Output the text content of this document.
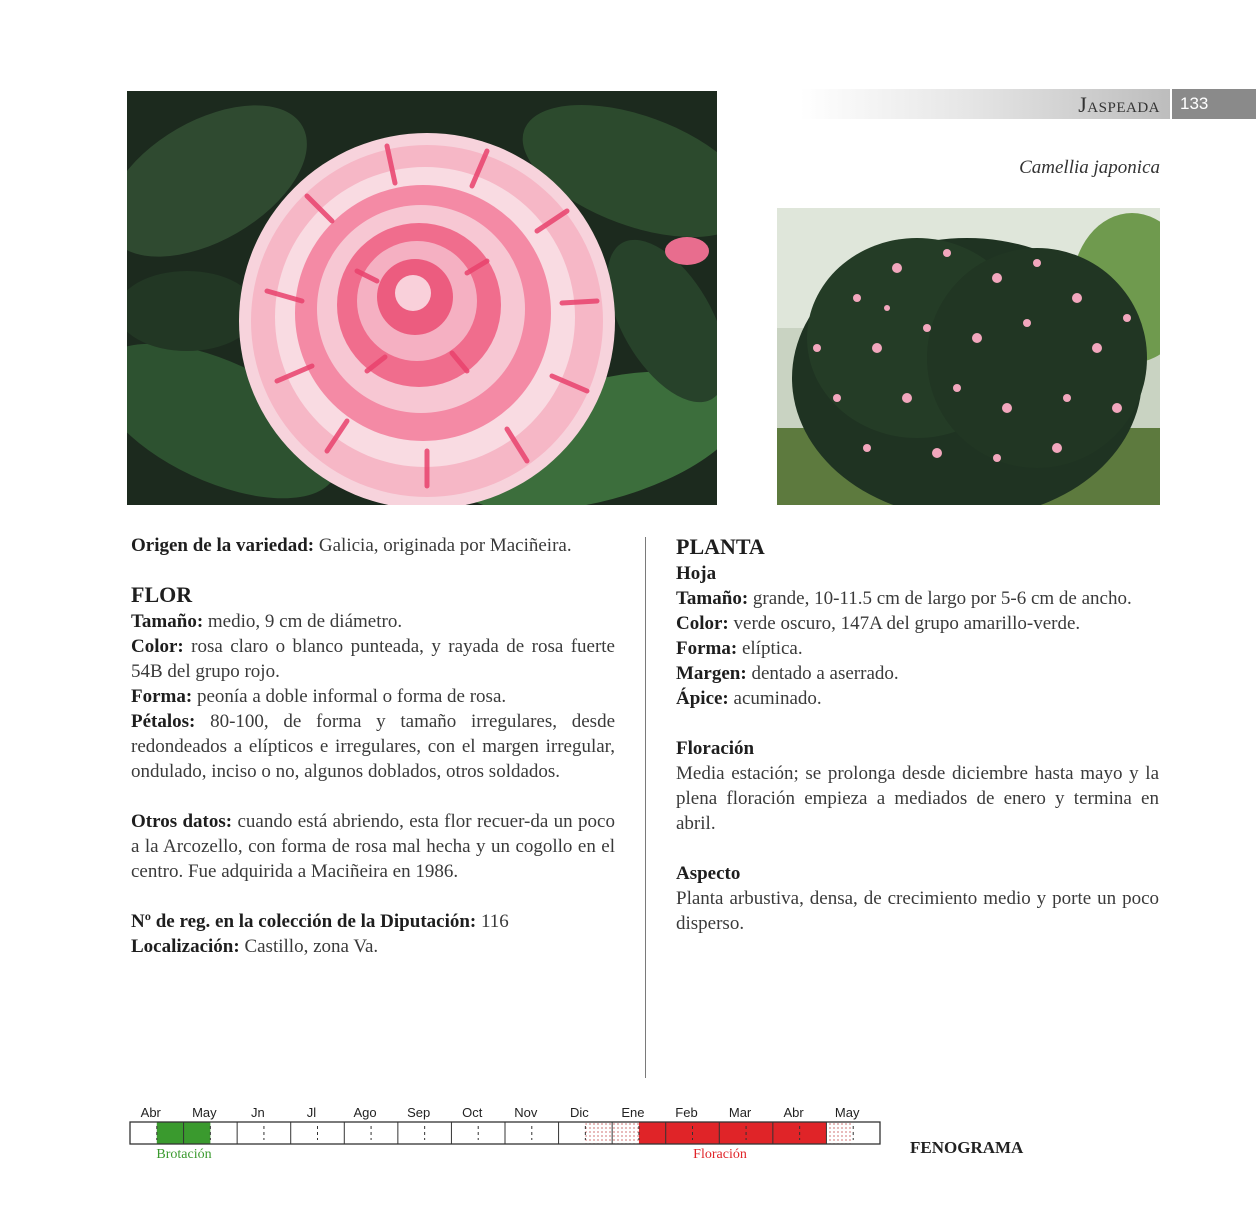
Jaspeada	133
Camellia japonica

Origen de la variedad: Galicia, originada por Maciñeira.

FLOR

Tamaño: medio, 9 cm de diámetro.

Color: rosa claro o blanco punteada, y rayada de rosa fuerte 54B del grupo rojo.

Forma: peonía a doble informal o forma de rosa.

Pétalos: 80-100, de forma y tamaño irregulares, desde redondeados a elípticos e irregulares, con el margen irregular, ondulado, inciso o no, algunos doblados, otros soldados.

Otros datos: cuando está abriendo, esta flor recuer-da un poco a la Arcozello, con forma de rosa mal hecha y un cogollo en el centro. Fue adquirida a Maciñeira en 1986.

Nº de reg. en la colección de la Diputación: 116

Localización: Castillo, zona Va.

PLANTA

Hoja

Tamaño: grande, 10-11.5 cm de largo por 5-6 cm de ancho.

Color: verde oscuro, 147A del grupo amarillo-verde.

Forma: elíptica.

Margen: dentado a aserrado.

Ápice: acuminado.

Floración

Media estación; se prolonga desde diciembre hasta mayo y la plena floración empieza a mediados de enero y termina en abril.

Aspecto

Planta arbustiva, densa, de crecimiento medio y porte un poco disperso.

Abr May	Jn	Jl	Ago Sep Oct Nov	Dic	Ene Feb Mar Abr May
Brotación	Floración	FENOGRAMA
